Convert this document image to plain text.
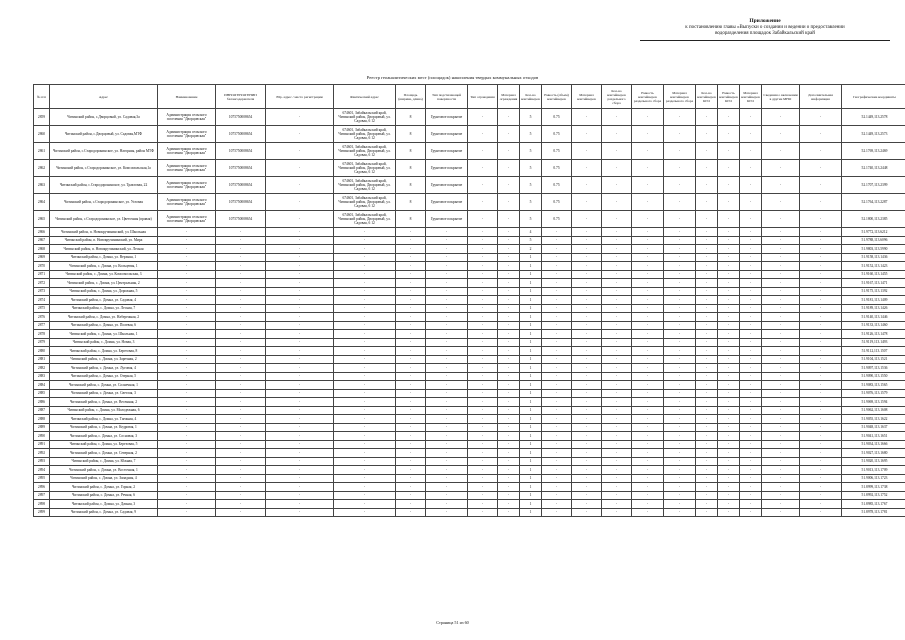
Приложение
к постановлению главы «Выпуски о создании и ведении о предоставлении
водоразделения площадок Забайкальский край
Реестр геоаналитических мест (площадок) накопления твердых коммунальных отходов
№ п/п	Адрес	Наименование	ИНН/ОГРН/ОГРНИП балансодержателя	Юр. адрес / место регистрации	Фактический адрес	Площадь (ширина, длина)	Тип подстилающей поверхности	Тип ограждения	Материал ограждения	Кол-во контейнеров	Емкость (объем) контейнеров	Материал контейнеров	Кол-во контейнеров раздельного сбора	Емкость контейнеров раздельного сбора	Материал контейнеров раздельного сбора	Кол-во контейнеров КГО	Емкость контейнеров КГО	Материал контейнеров КГО	Сведения о включении в другие МНО	Дополнительная информация	Географические координаты
2859	Читинский район, с.Дворцовый, ул. Садовая,3а	Администрация сельского поселения "Дворцовская"	1075750008654	-	674601, Забайкальский край, Читинский район, Дворцовый, ул. Садовая, 6 12	8	Грунтовое покрытие	-	-	5	0.75	-	-	-	-	-	-	-	-	-	52.1449,113.2578
2860	Читинский район, с.Дворцовый, ул. Садовая,МТФ	Администрация сельского поселения "Дворцовская"	1075750008654	-	674601, Забайкальский край, Читинский район, Дворцовый, ул. Садовая, 6 12	8	Грунтовое покрытие	-	-	5	0.75	-	-	-	-	-	-	-	-	-	52.1449,113.2573
2861	Читинский район, с.Стародоронинское, ул. Нагорная, район МТФ	Администрация сельского поселения "Дворцовская"	1075750008654	-	674601, Забайкальский край, Читинский район, Дворцовый, ул. Садовая, 6 12	8	Грунтовое покрытие	-	-	5	0.75	-	-	-	-	-	-	-	-	-	52.1769,113.2469
2862	Читинский район, с.Стародоронинское, ул. Комсомольская,1а	Администрация сельского поселения "Дворцовская"	1075750008654	-	674601, Забайкальский край, Читинский район, Дворцовый, ул. Садовая, 6 12	8	Грунтовое покрытие	-	-	5	0.75	-	-	-	-	-	-	-	-	-	52.1740,113.2448
2863	Читинский район, с.Стародоронинское, ул. Трактовая, 22	Администрация сельского поселения "Дворцовская"	1075750008654	-	674601, Забайкальский край, Читинский район, Дворцовый, ул. Садовая, 6 12	8	Грунтовое покрытие	-	-	5	0.75	-	-	-	-	-	-	-	-	-	52.1707,113.2399
2864	Читинский район, с.Стародоронинское, ул. Угловая	Администрация сельского поселения "Дворцовская"	1075750008654	-	674601, Забайкальский край, Читинский район, Дворцовый, ул. Садовая, 6 12	8	Грунтовое покрытие	-	-	5	0.75	-	-	-	-	-	-	-	-	-	52.1764,113.2287
2865	Читинский район, с.Стародоронинское, ул. Цветочная (правая)	Администрация сельского поселения "Дворцовская"	1075750008654	-	674601, Забайкальский край, Читинский район, Дворцовый, ул. Садовая, 6 12	8	Грунтовое покрытие	-	-	5	0.75	-	-	-	-	-	-	-	-	-	52.1800,113.2385
2866	Читинский район, п. Новокручининский, ул. Школьная	-	-	-	-	-	-	-	-	4	-	-	-	-	-	-	-	-	-	-	51.9772,113.6212
2867	Читинский район, п. Новокручининский, ул. Мира	-	-	-	-	-	-	-	-	5	-	-	-	-	-	-	-	-	-	-	51.9788,113.6096
2868	Читинский район, п. Новокручининский, ул. Лесная	-	-	-	-	-	-	-	-	2	-	-	-	-	-	-	-	-	-	-	51.9803,113.5990
2869	Читинский район, с. Домна, ул. Верхняя, 1	-	-	-	-	-	-	-	-	1	-	-	-	-	-	-	-	-	-	-	51.9158,113.1436
2870	Читинский район, с. Домна, ул. Кольцевая, 1	-	-	-	-	-	-	-	-	1	-	-	-	-	-	-	-	-	-	-	51.9152,113.1423
2871	Читинский район, с. Домна, ул. Комсомольская, 3	-	-	-	-	-	-	-	-	1	-	-	-	-	-	-	-	-	-	-	51.9160,113.1455
2872	Читинский район, с. Домна, ул. Центральная, 2	-	-	-	-	-	-	-	-	1	-	-	-	-	-	-	-	-	-	-	51.9167,113.1471
2873	Читинский район, с. Домна, ул. Дорожная, 5	-	-	-	-	-	-	-	-	1	-	-	-	-	-	-	-	-	-	-	51.9175,113.1392
2874	Читинский район, с. Домна, ул. Садовая, 4	-	-	-	-	-	-	-	-	1	-	-	-	-	-	-	-	-	-	-	51.9181,113.1409
2875	Читинский район, с. Домна, ул. Лесная, 7	-	-	-	-	-	-	-	-	1	-	-	-	-	-	-	-	-	-	-	51.9189,113.1426
2876	Читинский район, с. Домна, ул. Набережная, 2	-	-	-	-	-	-	-	-	1	-	-	-	-	-	-	-	-	-	-	51.9140,113.1446
2877	Читинский район, с. Домна, ул. Полевая, 6	-	-	-	-	-	-	-	-	1	-	-	-	-	-	-	-	-	-	-	51.9133,113.1460
2878	Читинский район, с. Домна, ул. Школьная, 1	-	-	-	-	-	-	-	-	1	-	-	-	-	-	-	-	-	-	-	51.9126,113.1478
2879	Читинский район, с. Домна, ул. Новая, 3	-	-	-	-	-	-	-	-	1	-	-	-	-	-	-	-	-	-	-	51.9119,113.1493
2880	Читинский район, с. Домна, ул. Береговая, 8	-	-	-	-	-	-	-	-	1	-	-	-	-	-	-	-	-	-	-	51.9112,113.1507
2881	Читинский район, с. Домна, ул. Заречная, 2	-	-	-	-	-	-	-	-	1	-	-	-	-	-	-	-	-	-	-	51.9104,113.1521
2882	Читинский район, с. Домна, ул. Луговая, 4	-	-	-	-	-	-	-	-	1	-	-	-	-	-	-	-	-	-	-	51.9097,113.1536
2883	Читинский район, с. Домна, ул. Озерная, 5	-	-	-	-	-	-	-	-	1	-	-	-	-	-	-	-	-	-	-	51.9090,113.1550
2884	Читинский район, с. Домна, ул. Солнечная, 1	-	-	-	-	-	-	-	-	1	-	-	-	-	-	-	-	-	-	-	51.9083,113.1565
2885	Читинский район, с. Домна, ул. Светлая, 3	-	-	-	-	-	-	-	-	1	-	-	-	-	-	-	-	-	-	-	51.9076,113.1579
2886	Читинский район, с. Домна, ул. Весенняя, 2	-	-	-	-	-	-	-	-	1	-	-	-	-	-	-	-	-	-	-	51.9069,113.1594
2887	Читинский район, с. Домна, ул. Молодежная, 6	-	-	-	-	-	-	-	-	1	-	-	-	-	-	-	-	-	-	-	51.9062,113.1608
2888	Читинский район, с. Домна, ул. Таежная, 4	-	-	-	-	-	-	-	-	1	-	-	-	-	-	-	-	-	-	-	51.9055,113.1622
2889	Читинский район, с. Домна, ул. Кедровая, 1	-	-	-	-	-	-	-	-	1	-	-	-	-	-	-	-	-	-	-	51.9048,113.1637
2890	Читинский район, с. Домна, ул. Сосновая, 3	-	-	-	-	-	-	-	-	1	-	-	-	-	-	-	-	-	-	-	51.9041,113.1651
2891	Читинский район, с. Домна, ул. Березовая, 5	-	-	-	-	-	-	-	-	1	-	-	-	-	-	-	-	-	-	-	51.9034,113.1666
2892	Читинский район, с. Домна, ул. Северная, 2	-	-	-	-	-	-	-	-	1	-	-	-	-	-	-	-	-	-	-	51.9027,113.1680
2893	Читинский район, с. Домна, ул. Южная, 7	-	-	-	-	-	-	-	-	1	-	-	-	-	-	-	-	-	-	-	51.9020,113.1695
2894	Читинский район, с. Домна, ул. Восточная, 1	-	-	-	-	-	-	-	-	1	-	-	-	-	-	-	-	-	-	-	51.9013,113.1709
2895	Читинский район, с. Домна, ул. Западная, 4	-	-	-	-	-	-	-	-	1	-	-	-	-	-	-	-	-	-	-	51.9006,113.1723
2896	Читинский район, с. Домна, ул. Горная, 2	-	-	-	-	-	-	-	-	1	-	-	-	-	-	-	-	-	-	-	51.8999,113.1738
2897	Читинский район, с. Домна, ул. Речная, 6	-	-	-	-	-	-	-	-	1	-	-	-	-	-	-	-	-	-	-	51.8992,113.1752
2898	Читинский район, с. Домна, ул. Дачная, 3	-	-	-	-	-	-	-	-	1	-	-	-	-	-	-	-	-	-	-	51.8985,113.1767
2899	Читинский район, с. Домна, ул. Садовая, 9	-	-	-	-	-	-	-	-	1	-	-	-	-	-	-	-	-	-	-	51.8978,113.1781
Страница 51 из 60
